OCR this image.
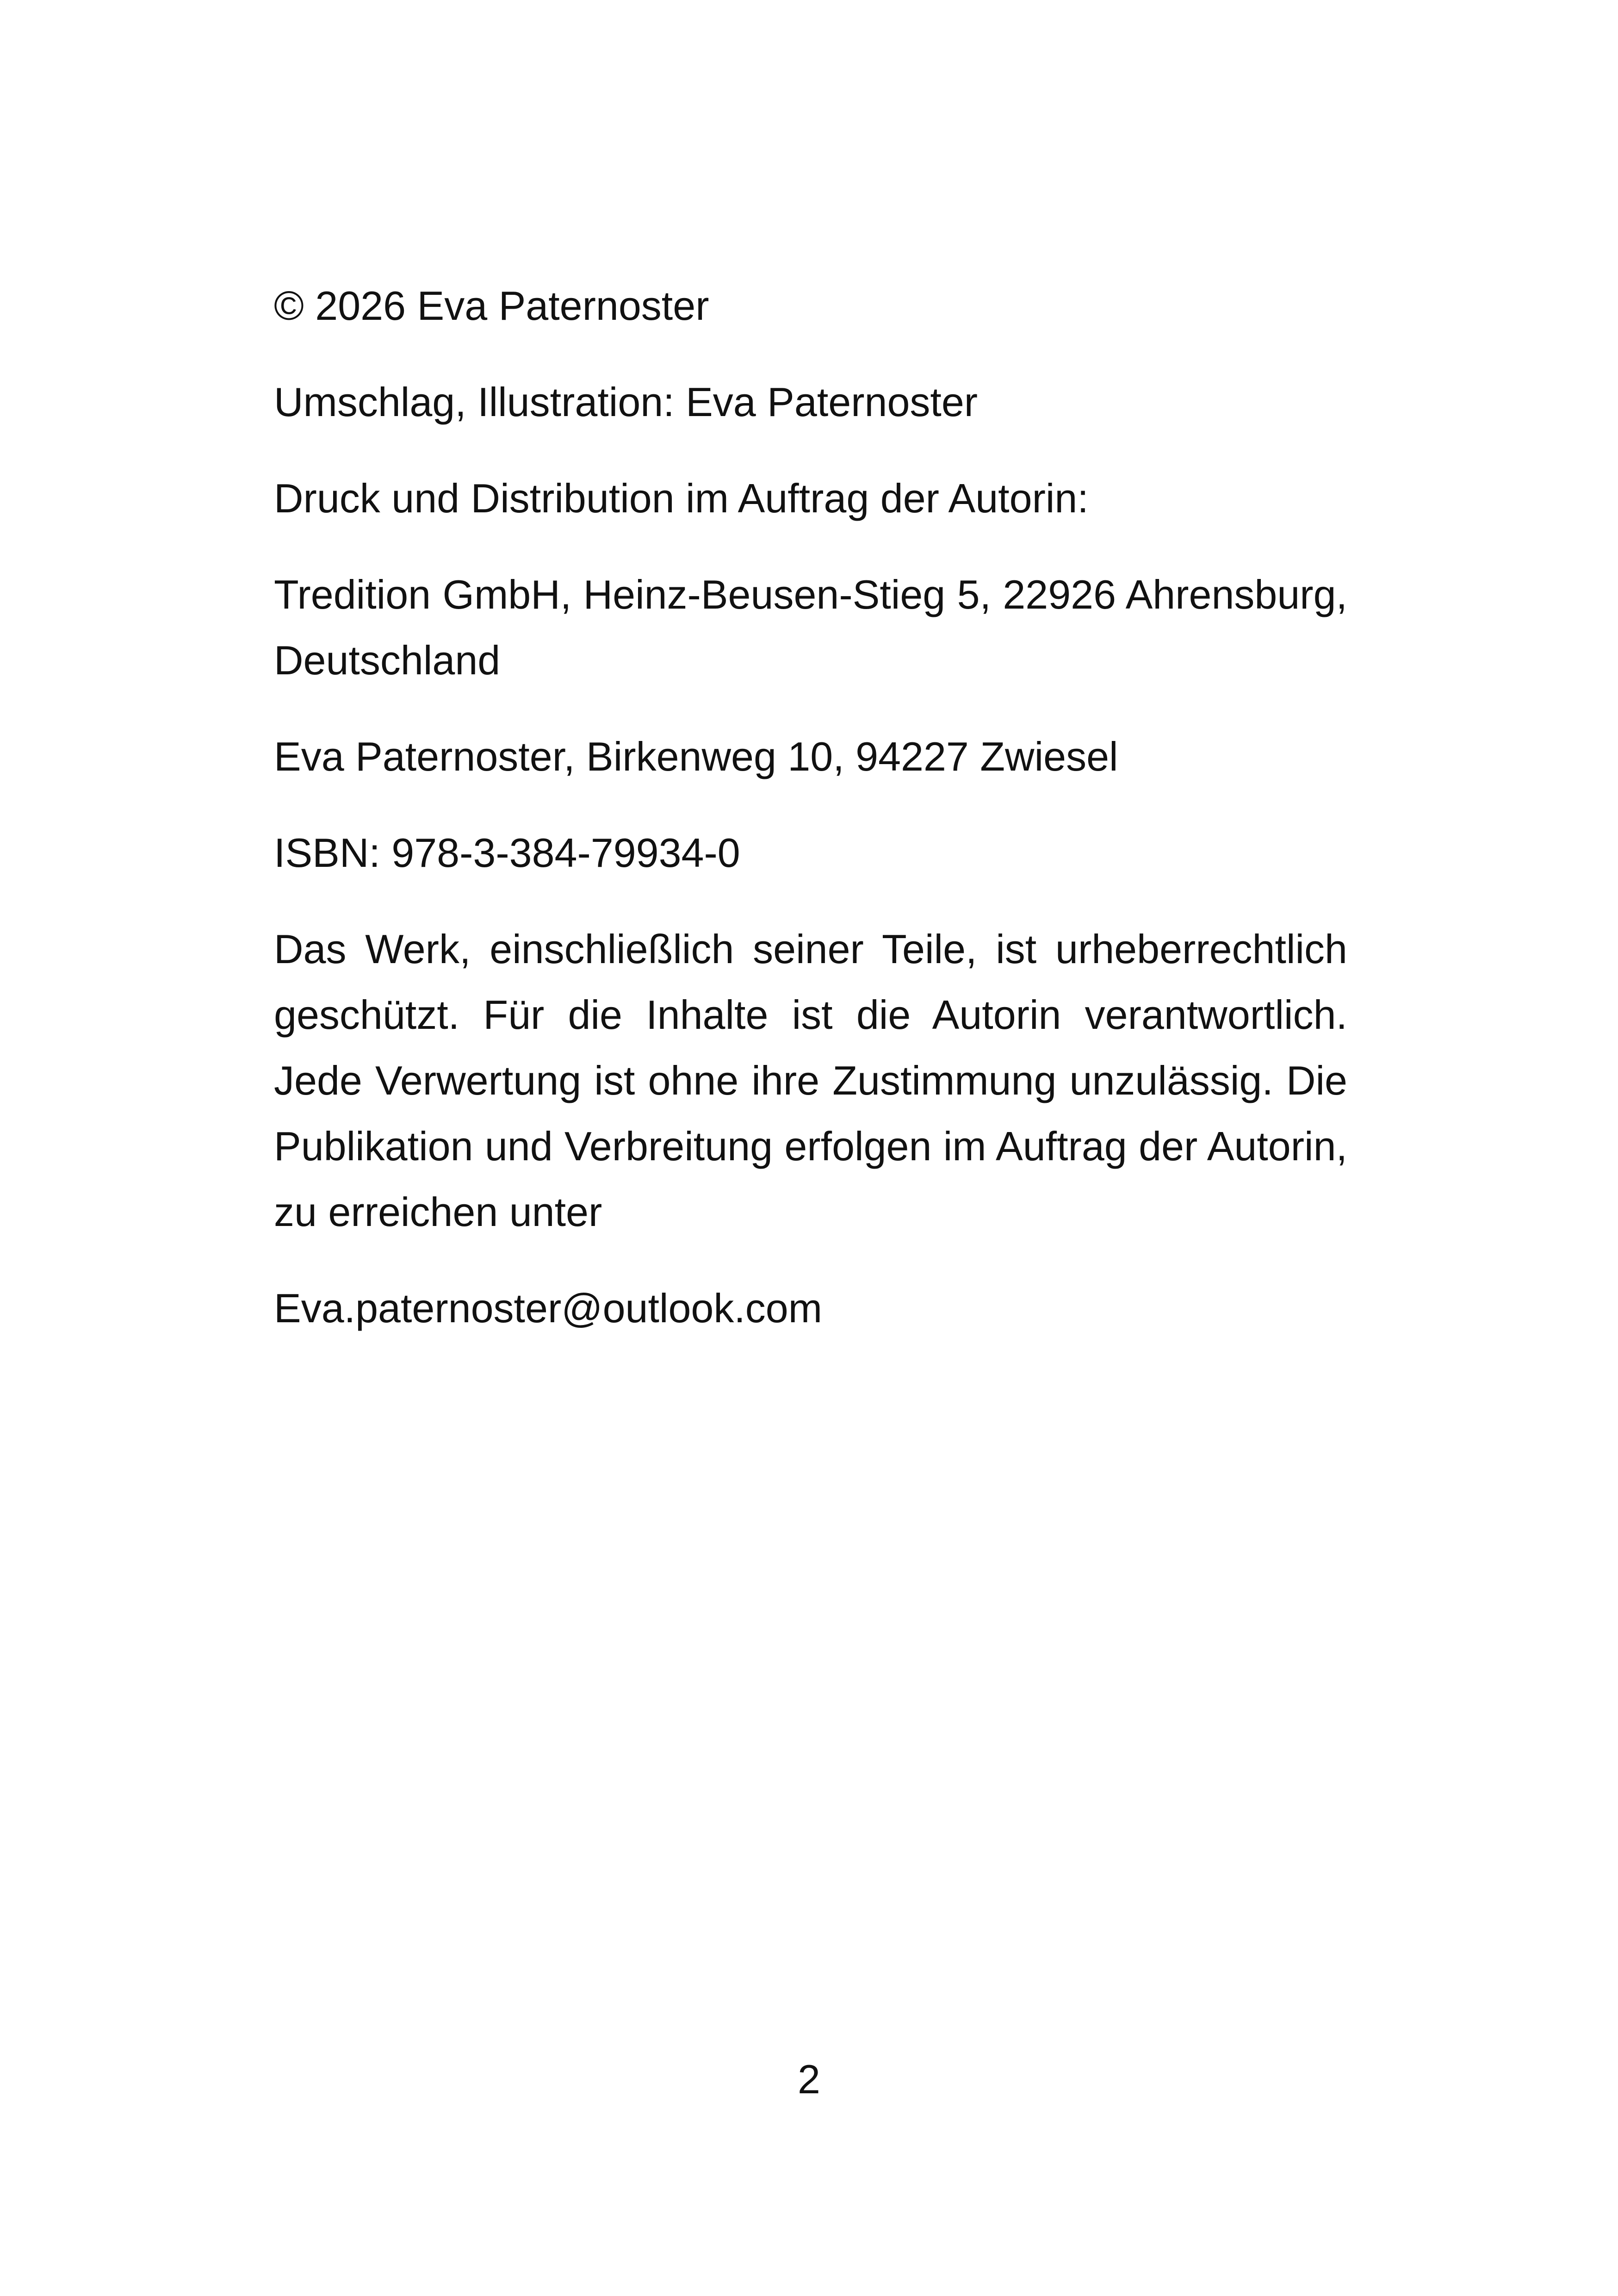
© 2026 Eva Paternoster

Umschlag, Illustration: Eva Paternoster

Druck und Distribution im Auftrag der Autorin:

Tredition GmbH, Heinz-Beusen-Stieg 5, 22926 Ahrensburg, Deutschland

Eva Paternoster, Birkenweg 10, 94227 Zwiesel

ISBN: 978-3-384-79934-0

Das Werk, einschließlich seiner Teile, ist urheberrechtlich geschützt. Für die Inhalte ist die Autorin verantwortlich. Jede Verwertung ist ohne ihre Zustimmung unzulässig. Die Publikation und Verbreitung erfolgen im Auftrag der Autorin, zu erreichen unter

Eva.paternoster@outlook.com

2
